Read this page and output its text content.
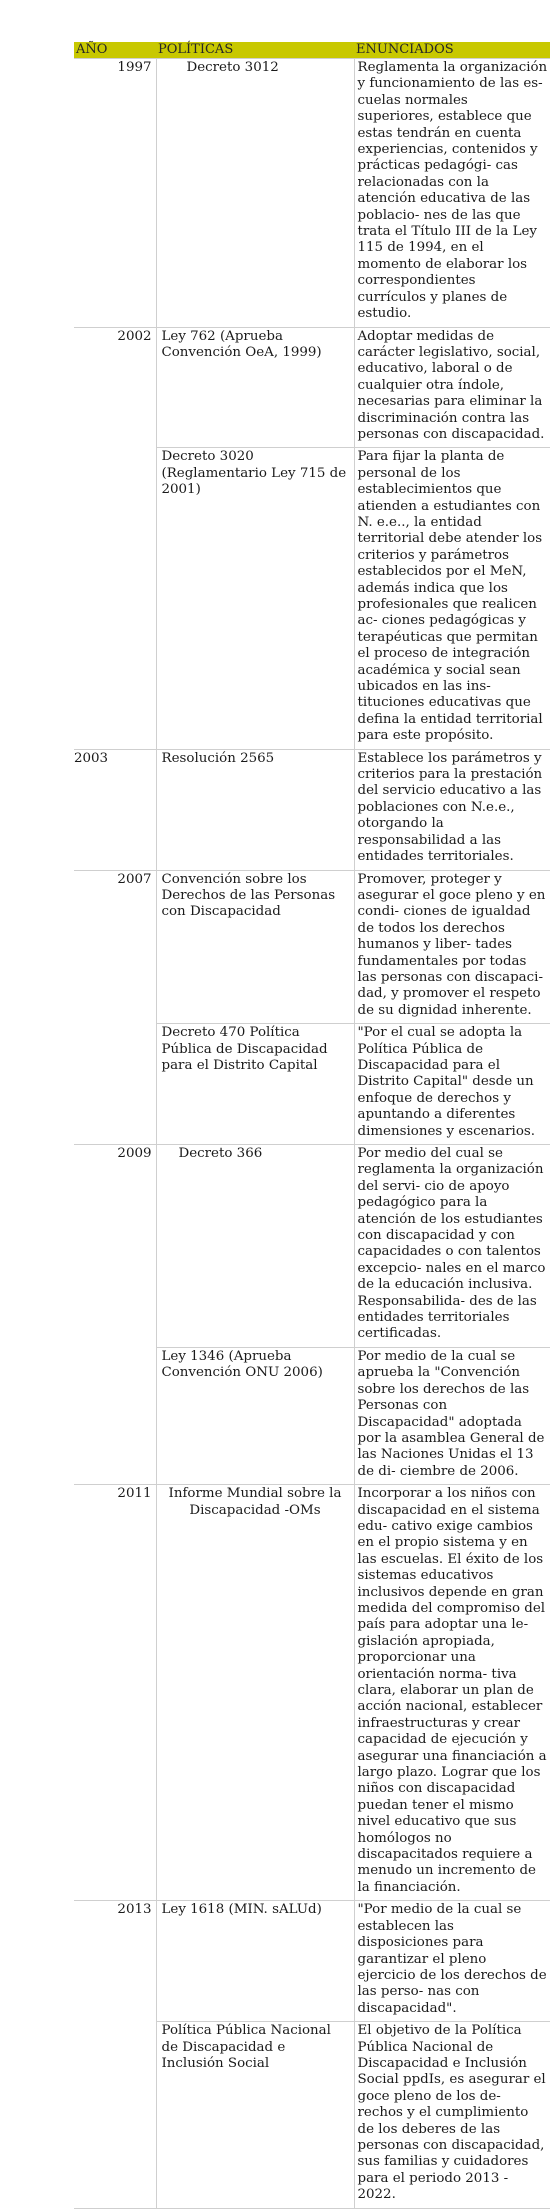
AÑO	POLÍTICAS	ENUNCIADOS
1997	Decreto 3012	Reglamenta la organización y funcionamiento de las es- cuelas normales superiores, establece que estas tendrán en cuenta experiencias, contenidos y prácticas pedagógi- cas relacionadas con la atención educativa de las poblacio- nes de las que trata el Título III de la Ley 115 de 1994, en el momento de elaborar los correspondientes currículos y planes de estudio.
2002	Ley 762 (Aprueba Convención OeA, 1999)	Adoptar medidas de carácter legislativo, social, educativo, laboral o de cualquier otra índole, necesarias para eliminar la discriminación contra las personas con discapacidad.
	Decreto 3020 (Reglamentario Ley 715 de 2001)	Para fijar la planta de personal de los establecimientos que atienden a estudiantes con N. e.e.., la entidad territorial debe atender los criterios y parámetros establecidos por el MeN, además indica que los profesionales que realicen ac- ciones pedagógicas y terapéuticas que permitan el proceso de integración académica y social sean ubicados en las ins- tituciones educativas que defina la entidad territorial para este propósito.
2003	Resolución 2565	Establece los parámetros y criterios para la prestación del servicio educativo a las poblaciones con N.e.e., otorgando la responsabilidad a las entidades territoriales.
2007	Convención sobre los Derechos de las Personas con Discapacidad	Promover, proteger y asegurar el goce pleno y en condi- ciones de igualdad de todos los derechos humanos y liber- tades fundamentales por todas las personas con discapaci- dad, y promover el respeto de su dignidad inherente.
	Decreto 470 Política Pública de Discapacidad para el Distrito Capital	"Por el cual se adopta la Política Pública de Discapacidad para el Distrito Capital" desde un enfoque de derechos y apuntando a diferentes dimensiones y escenarios.
2009	Decreto 366	Por medio del cual se reglamenta la organización del servi- cio de apoyo pedagógico para la atención de los estudiantes con discapacidad y con capacidades o con talentos excepcio- nales en el marco de la educación inclusiva. Responsabilida- des de las entidades territoriales certificadas.
	Ley 1346 (Aprueba Convención ONU 2006)	Por medio de la cual se aprueba la "Convención sobre los derechos de las Personas con Discapacidad" adoptada por la asamblea General de las Naciones Unidas el 13 de di- ciembre de 2006.
2011	Informe Mundial sobre la Discapacidad -OMs	Incorporar a los niños con discapacidad en el sistema edu- cativo exige cambios en el propio sistema y en las escuelas. El éxito de los sistemas educativos inclusivos depende en gran medida del compromiso del país para adoptar una le- gislación apropiada, proporcionar una orientación norma- tiva clara, elaborar un plan de acción nacional, establecer infraestructuras y crear capacidad de ejecución y asegurar una financiación a largo plazo. Lograr que los niños con discapacidad puedan tener el mismo nivel educativo que sus homólogos no discapacitados requiere a menudo un incremento de la financiación.
2013	Ley 1618 (MIN. sALUd)	"Por medio de la cual se establecen las disposiciones para garantizar el pleno ejercicio de los derechos de las perso- nas con discapacidad".
	Política Pública Nacional de Discapacidad e Inclusión Social	El objetivo de la Política Pública Nacional de Discapacidad e Inclusión Social ppdIs, es asegurar el goce pleno de los de- rechos y el cumplimiento de los deberes de las personas con discapacidad, sus familias y cuidadores para el periodo 2013 - 2022.
